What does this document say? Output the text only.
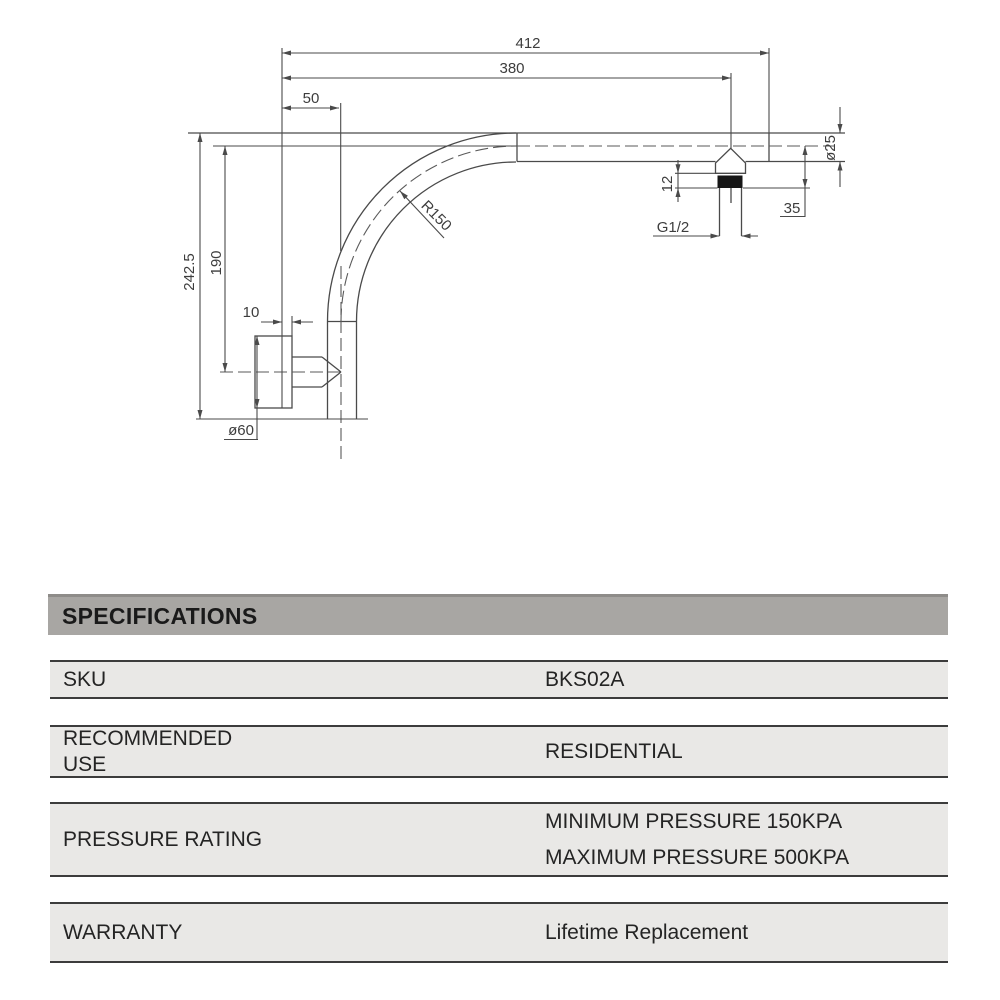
412
380
50
R150
242.5 190
10
ø60
12
35
G1/2
ø25
SPECIFICATIONS
SKU	BKS02A
RECOMMENDED
USE
RESIDENTIAL
PRESSURE RATING
MINIMUM PRESSURE 150KPA
MAXIMUM PRESSURE 500KPA
WARRANTY	Lifetime Replacement
